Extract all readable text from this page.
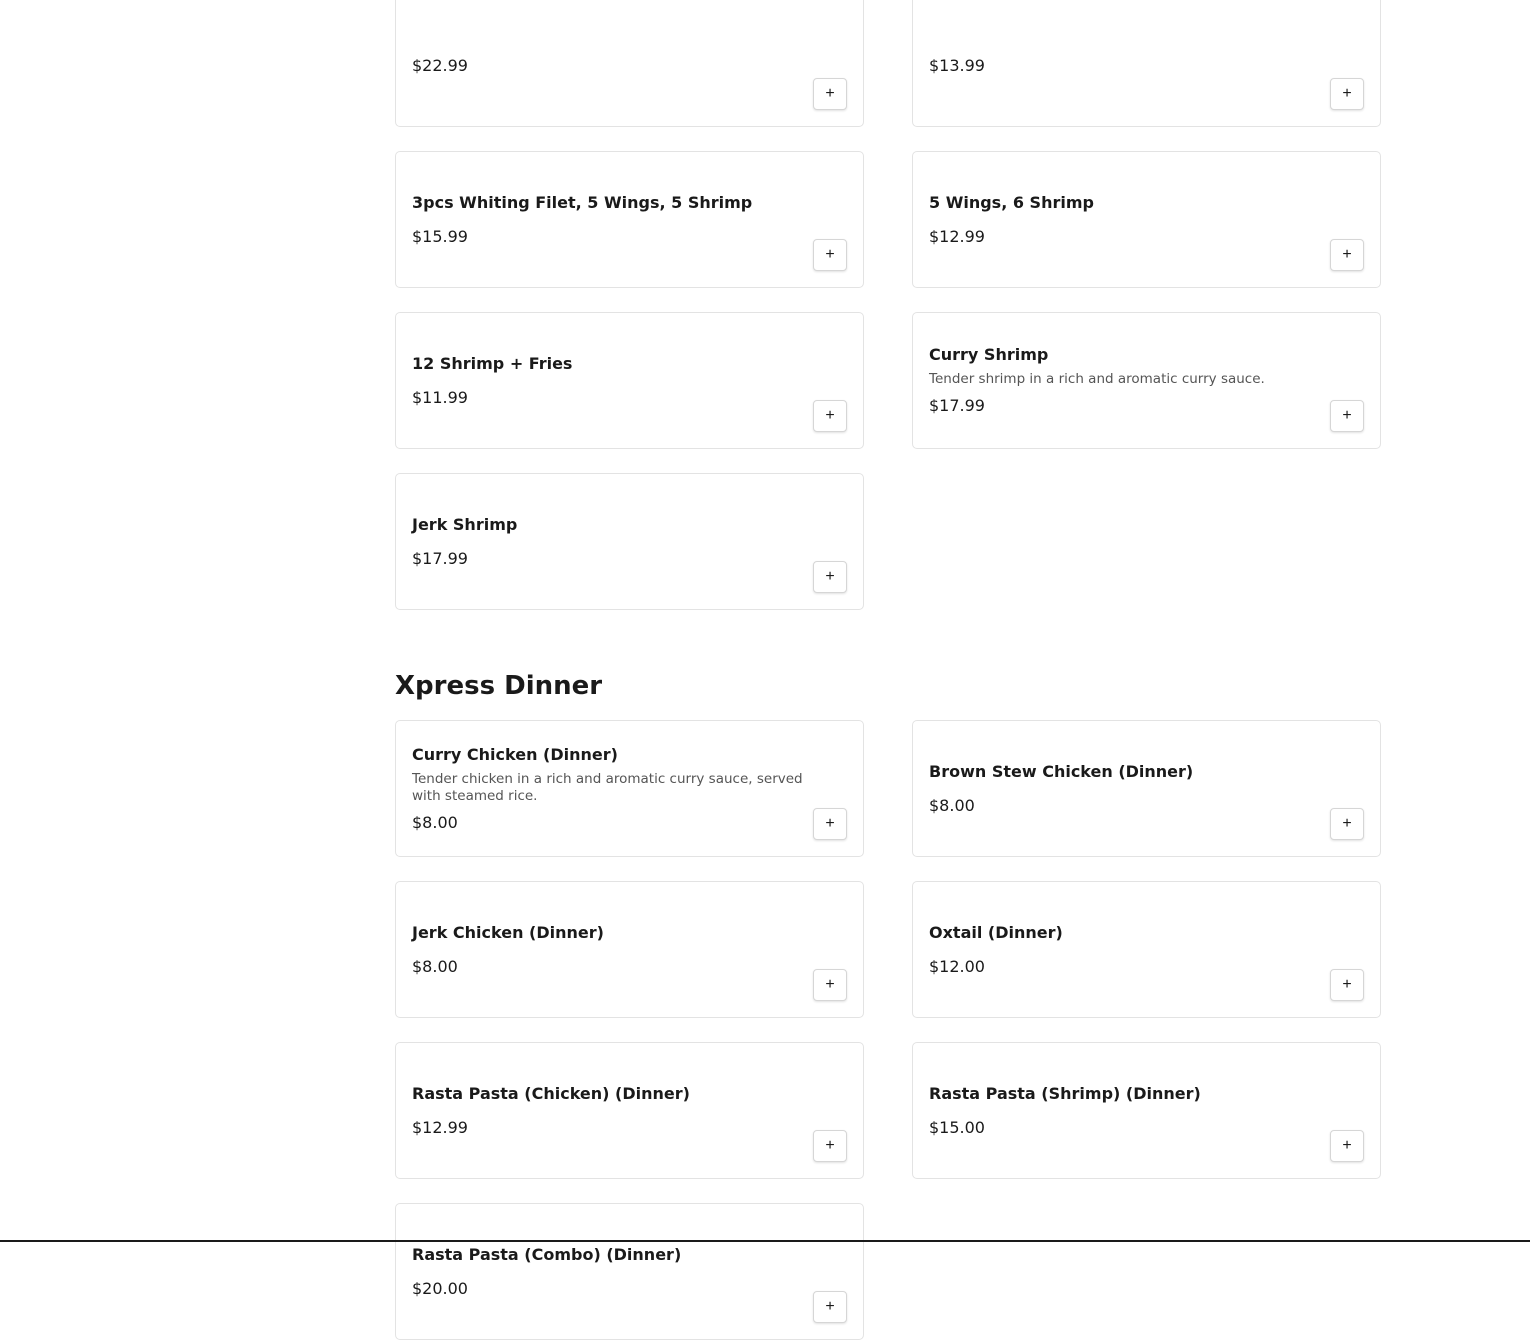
$22.99
+
$13.99
+
3pcs Whiting Filet, 5 Wings, 5 Shrimp
$15.99
+
5 Wings, 6 Shrimp
$12.99
+
12 Shrimp + Fries
$11.99
+
Curry Shrimp
Tender shrimp in a rich and aromatic curry sauce.
$17.99
+
Jerk Shrimp
$17.99
+
Xpress Dinner
Curry Chicken (Dinner)
Tender chicken in a rich and aromatic curry sauce, served with steamed rice.
$8.00	+
Brown Stew Chicken (Dinner)
$8.00
+
Jerk Chicken (Dinner)
$8.00
+
Oxtail (Dinner)
$12.00
+
Rasta Pasta (Chicken) (Dinner)
$12.99
+
Rasta Pasta (Shrimp) (Dinner)
$15.00
+
Rasta Pasta (Combo) (Dinner)
$20.00
+
